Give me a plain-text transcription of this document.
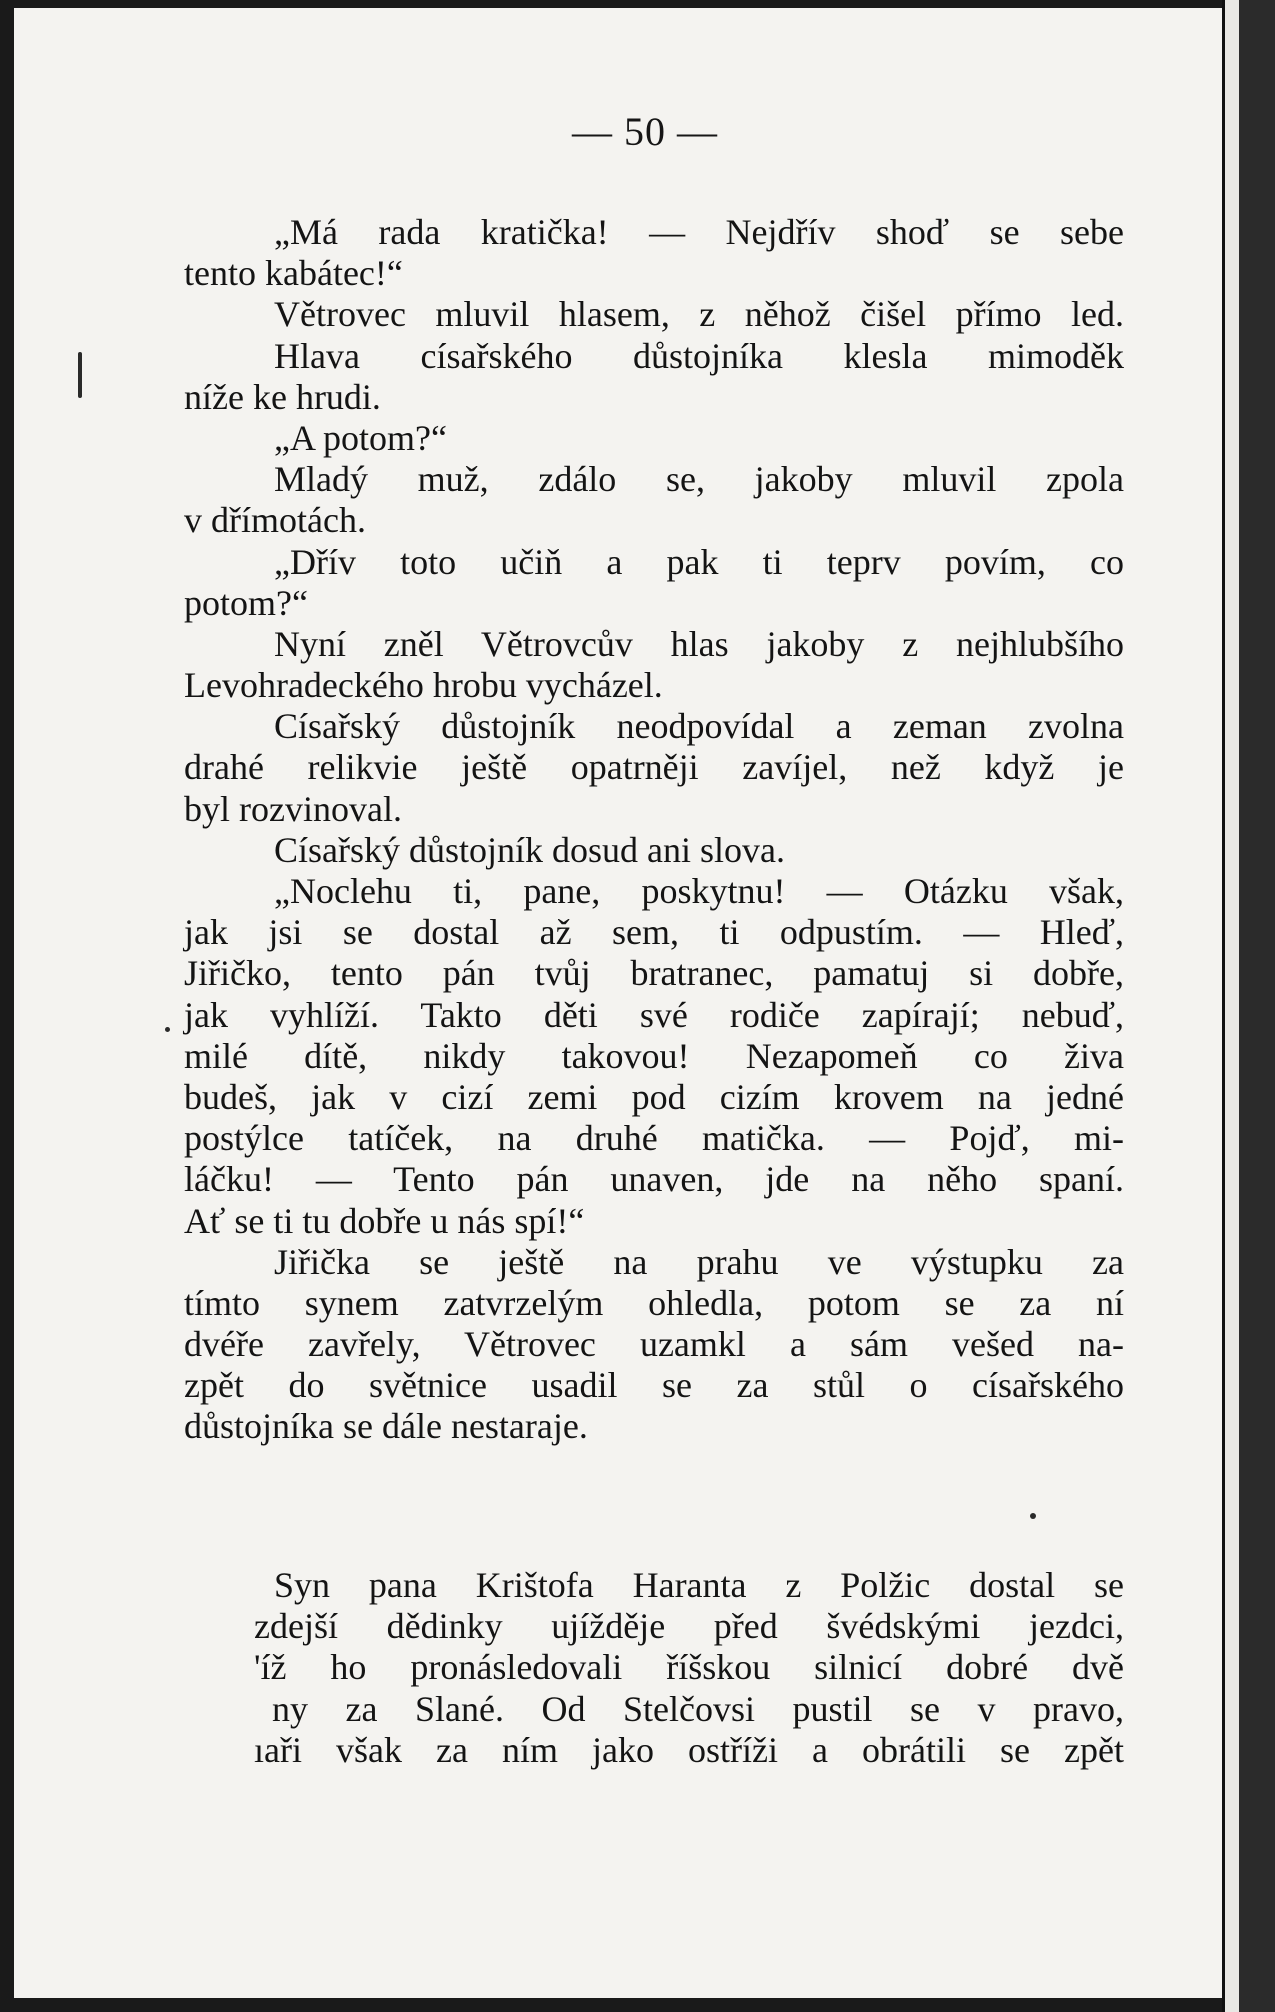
— 50 —
„Má rada kratička! — Nejdřív shoď se sebe
tento kabátec!“
Větrovec mluvil hlasem, z něhož čišel přímo led.
Hlava císařského důstojníka klesla mimoděk
níže ke hrudi.
„A potom?“
Mladý muž, zdálo se, jakoby mluvil zpola
v dřímotách.
„Dřív toto učiň a pak ti teprv povím, co
potom?“
Nyní zněl Větrovcův hlas jakoby z nejhlubšího
Levohradeckého hrobu vycházel.
Císařský důstojník neodpovídal a zeman zvolna
drahé relikvie ještě opatrněji zavíjel, než když je
byl rozvinoval.
Císařský důstojník dosud ani slova.
„Noclehu ti, pane, poskytnu! — Otázku však,
jak jsi se dostal až sem, ti odpustím. — Hleď,
Jiřičko, tento pán tvůj bratranec, pamatuj si dobře,
jak vyhlíží. Takto děti své rodiče zapírají; nebuď,
milé dítě, nikdy takovou! Nezapomeň co živa
budeš, jak v cizí zemi pod cizím krovem na jedné
postýlce tatíček, na druhé matička. — Pojď, mi-
láčku! — Tento pán unaven, jde na něho spaní.
Ať se ti tu dobře u nás spí!“
Jiřička se ještě na prahu ve výstupku za
tímto synem zatvrzelým ohledla, potom se za ní
dvéře zavřely, Větrovec uzamkl a sám vešed na-
zpět do světnice usadil se za stůl o císařského
důstojníka se dále nestaraje.
Syn pana Krištofa Haranta z Polžic dostal se
zdejší dědinky ujížděje před švédskými jezdci,
'íž ho pronásledovali říšskou silnicí dobré dvě
ny za Slané. Od Stelčovsi pustil se v pravo,
ıaři však za ním jako ostříži a obrátili se zpět
